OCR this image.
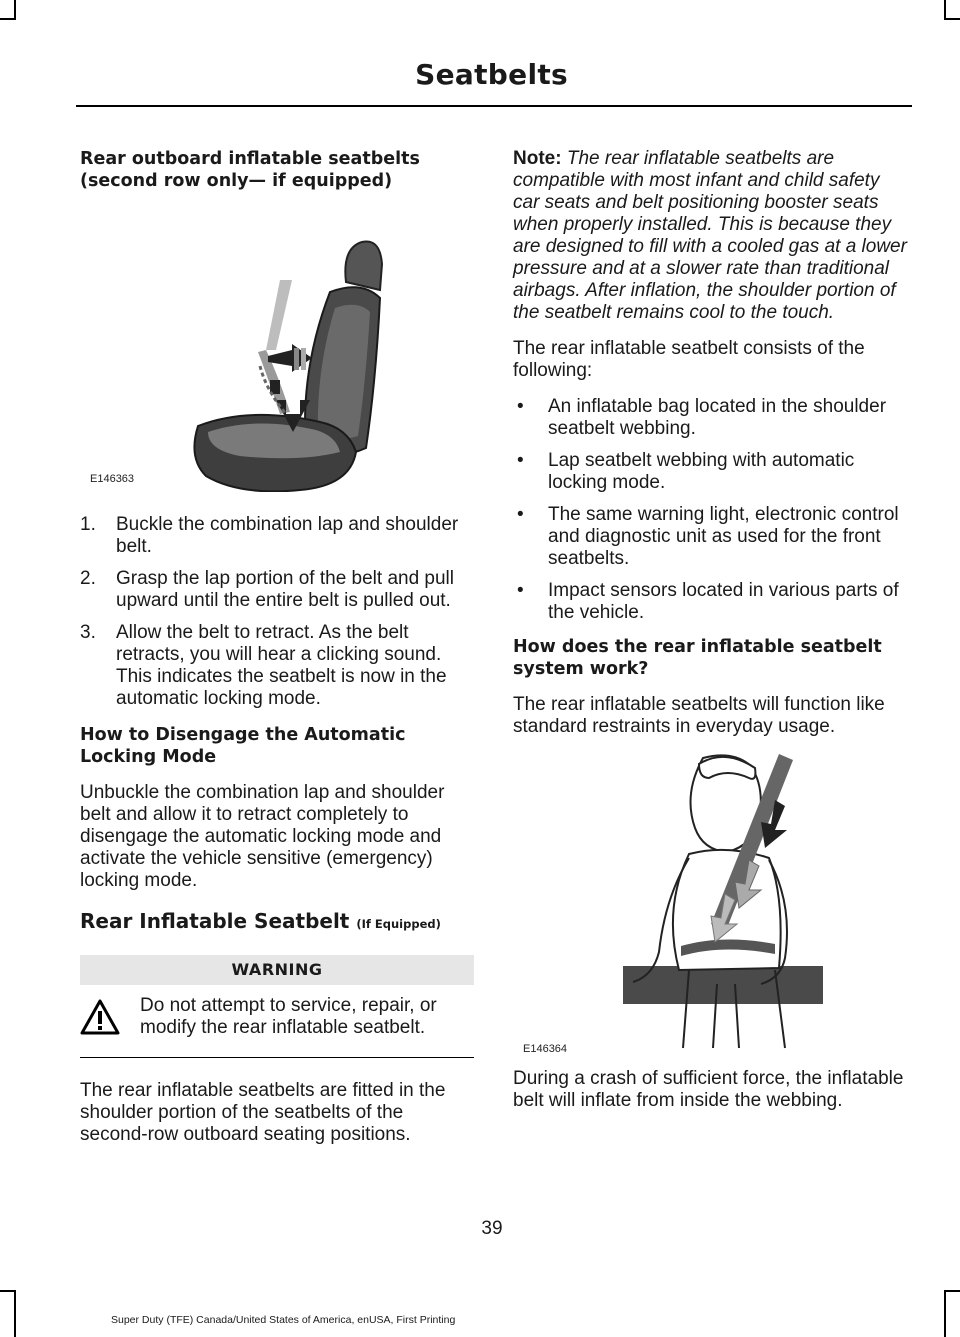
Seatbelts
Rear outboard inflatable seatbelts (second row only— if equipped)
E146363
1. Buckle the combination lap and shoulder belt.
2. Grasp the lap portion of the belt and pull upward until the entire belt is pulled out.
3. Allow the belt to retract. As the belt retracts, you will hear a clicking sound. This indicates the seatbelt is now in the automatic locking mode.
How to Disengage the Automatic Locking Mode

Unbuckle the combination lap and shoulder belt and allow it to retract completely to disengage the automatic locking mode and activate the vehicle sensitive (emergency) locking mode.

Rear Inflatable Seatbelt (If Equipped)
WARNING
Do not attempt to service, repair, or modify the rear inflatable seatbelt.

The rear inflatable seatbelts are fitted in the shoulder portion of the seatbelts of the second-row outboard seating positions.

Note: The rear inflatable seatbelts are compatible with most infant and child safety car seats and belt positioning booster seats when properly installed. This is because they are designed to fill with a cooled gas at a lower pressure and at a slower rate than traditional airbags. After inflation, the shoulder portion of the seatbelt remains cool to the touch.

The rear inflatable seatbelt consists of the following:

• An inflatable bag located in the shoulder seatbelt webbing.
• Lap seatbelt webbing with automatic locking mode.
• The same warning light, electronic control and diagnostic unit as used for the front seatbelts.
• Impact sensors located in various parts of the vehicle.
How does the rear inflatable seatbelt system work?

The rear inflatable seatbelts will function like standard restraints in everyday usage.

E146364

During a crash of sufficient force, the inflatable belt will inflate from inside the webbing.

39
Super Duty (TFE) Canada/United States of America, enUSA, First Printing
